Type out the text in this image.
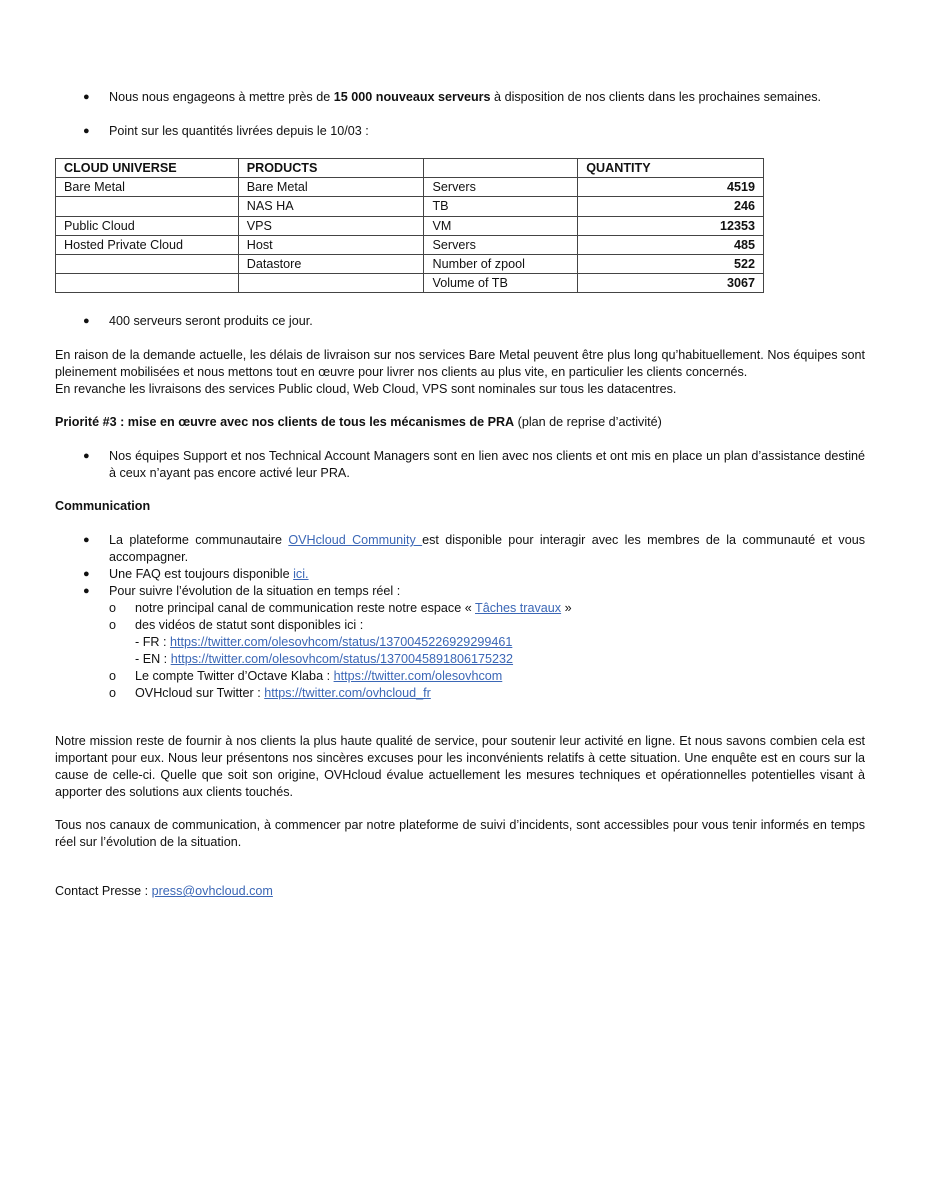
● Nous nous engageons à mettre près de 15 000 nouveaux serveurs à disposition de nos clients dans les prochaines semaines.
● Point sur les quantités livrées depuis le 10/03 :
CLOUD UNIVERSE	PRODUCTS		QUANTITY
Bare Metal	Bare Metal	Servers	4519
	NAS HA	TB	246
Public Cloud	VPS	VM	12353
Hosted Private Cloud	Host	Servers	485
	Datastore	Number of zpool	522
		Volume of TB	3067
● 400 serveurs seront produits ce jour.
En raison de la demande actuelle, les délais de livraison sur nos services Bare Metal peuvent être plus long qu’habituellement. Nos équipes sont pleinement mobilisées et nous mettons tout en œuvre pour livrer nos clients au plus vite, en particulier les clients concernés.
En revanche les livraisons des services Public cloud, Web Cloud, VPS sont nominales sur tous les datacentres.
Priorité #3 : mise en œuvre avec nos clients de tous les mécanismes de PRA (plan de reprise d’activité)
● Nos équipes Support et nos Technical Account Managers sont en lien avec nos clients et ont mis en place un plan d’assistance destiné à ceux n’ayant pas encore activé leur PRA.
Communication
● La plateforme communautaire OVHcloud Community est disponible pour interagir avec les membres de la communauté et vous accompagner.
● Une FAQ est toujours disponible ici.
● Pour suivre l’évolution de la situation en temps réel :
o notre principal canal de communication reste notre espace « Tâches travaux »
o des vidéos de statut sont disponibles ici :
- FR : https://twitter.com/olesovhcom/status/1370045226929299461
- EN : https://twitter.com/olesovhcom/status/1370045891806175232
o Le compte Twitter d’Octave Klaba : https://twitter.com/olesovhcom
o OVHcloud sur Twitter : https://twitter.com/ovhcloud_fr
Notre mission reste de fournir à nos clients la plus haute qualité de service, pour soutenir leur activité en ligne. Et nous savons combien cela est important pour eux. Nous leur présentons nos sincères excuses pour les inconvénients relatifs à cette situation. Une enquête est en cours sur la cause de celle-ci. Quelle que soit son origine, OVHcloud évalue actuellement les mesures techniques et opérationnelles potentielles visant à apporter des solutions aux clients touchés.
Tous nos canaux de communication, à commencer par notre plateforme de suivi d’incidents, sont accessibles pour vous tenir informés en temps réel sur l’évolution de la situation.
Contact Presse : press@ovhcloud.com
